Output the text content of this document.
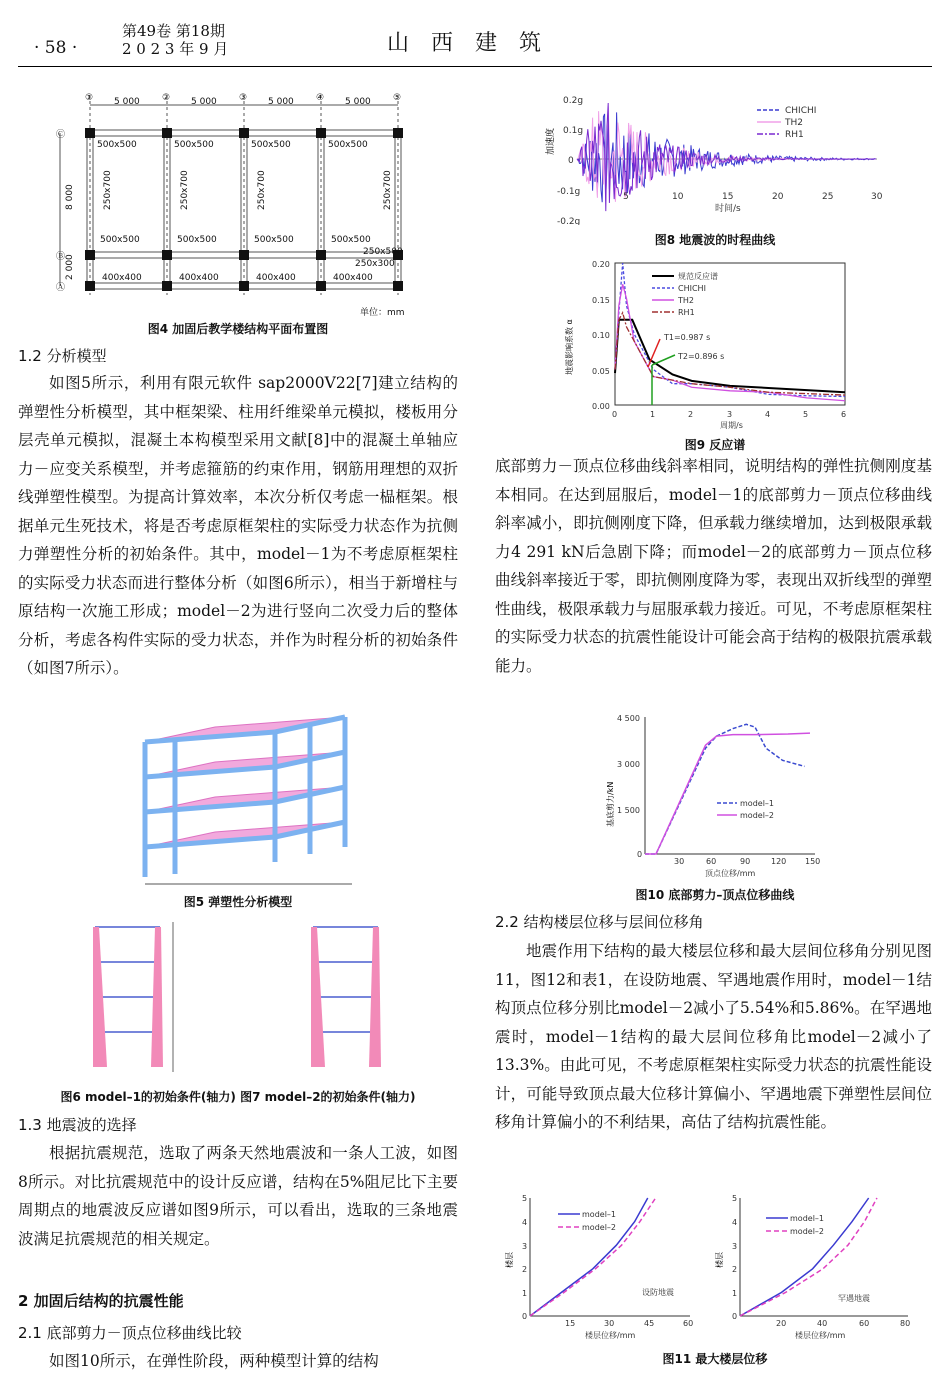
· 58 ·
第49卷 第18期
2 0 2 3 年 9 月	山西建筑
①	②	③	④	⑤
5 000	5 000	5 000	5 000
Ⓒ
Ⓑ
Ⓐ
8 000
2 000
500x500	500x500	500x500	500x500
500x500	500x500	500x500	500x500
400x400	400x400	400x400	400x400
250x300
250x500
250x700	250x700	250x700	250x700
单位：mm
图4 加固后教学楼结构平面布置图
1.2 分析模型

如图5所示，利用有限元软件 sap2000V22[7]建立结构的弹塑性分析模型，其中框架梁、柱用纤维梁单元模拟，楼板用分层壳单元模拟，混凝土本构模型采用文献[8]中的混凝土单轴应力－应变关系模型，并考虑箍筋的约束作用，钢筋用理想的双折线弹塑性模型。为提高计算效率，本次分析仅考虑一榀框架。根据单元生死技术，将是否考虑原框架柱的实际受力状态作为抗侧力弹塑性分析的初始条件。其中，model－1为不考虑原框架柱的实际受力状态而进行整体分析（如图6所示），相当于新增柱与原结构一次施工形成；model－2为进行竖向二次受力后的整体分析，考虑各构件实际的受力状态，并作为时程分析的初始条件（如图7所示）。

图5 弹塑性分析模型
图6 model–1的初始条件(轴力) 图7 model–2的初始条件(轴力)
1.3 地震波的选择

根据抗震规范，选取了两条天然地震波和一条人工波，如图8所示。对比抗震规范中的设计反应谱，结构在5%阻尼比下主要周期点的地震波反应谱如图9所示，可以看出，选取的三条地震波满足抗震规范的相关规定。

2 加固后结构的抗震性能
2.1 底部剪力－顶点位移曲线比较

如图10所示，在弹性阶段，两种模型计算的结构

加速度
0.2g
0.1g
0
-0.1g
-0.2g
5	10	15	20	25	30
时间/s
CHICHI
TH2
RH1
图8 地震波的时程曲线
地震影响系数 α
0.20
0.15
0.10
0.05
0.00
0	1	2	3	4	5	6
周期/s
规范反应谱
CHICHI
TH2
RH1
T1=0.987 s
T2=0.896 s
图9 反应谱

底部剪力－顶点位移曲线斜率相同，说明结构的弹性抗侧刚度基本相同。在达到屈服后，model－1的底部剪力－顶点位移曲线斜率减小，即抗侧刚度下降，但承载力继续增加，达到极限承载力4 291 kN后急剧下降；而model－2的底部剪力－顶点位移曲线斜率接近于零，即抗侧刚度降为零，表现出双折线型的弹塑性曲线，极限承载力与屈服承载力接近。可见，不考虑原框架柱的实际受力状态的抗震性能设计可能会高于结构的极限抗震承载能力。

基底剪力/kN
4 500
3 000
1 500
0
30	60	90	120 150
顶点位移/mm
model–1
model–2
图10 底部剪力–顶点位移曲线
2.2 结构楼层位移与层间位移角

地震作用下结构的最大楼层位移和最大层间位移角分别见图11，图12和表1，在设防地震、罕遇地震作用时，model－1结构顶点位移分别比model－2减小了5.54%和5.86%。在罕遇地震时，model－1结构的最大层间位移角比model－2减小了13.3%。由此可见，不考虑原框架柱实际受力状态的抗震性能设计，可能导致顶点最大位移计算偏小、罕遇地震下弹塑性层间位移角计算偏小的不利结果，高估了结构抗震性能。

楼层	楼层
0
1
2
3
4
5
15	30	45	60
楼层位移/mm
设防地震
model–1
model–2
0
1
2
3
4
5
20	40	60	80
楼层位移/mm
罕遇地震
model–1
model–2
图11 最大楼层位移
